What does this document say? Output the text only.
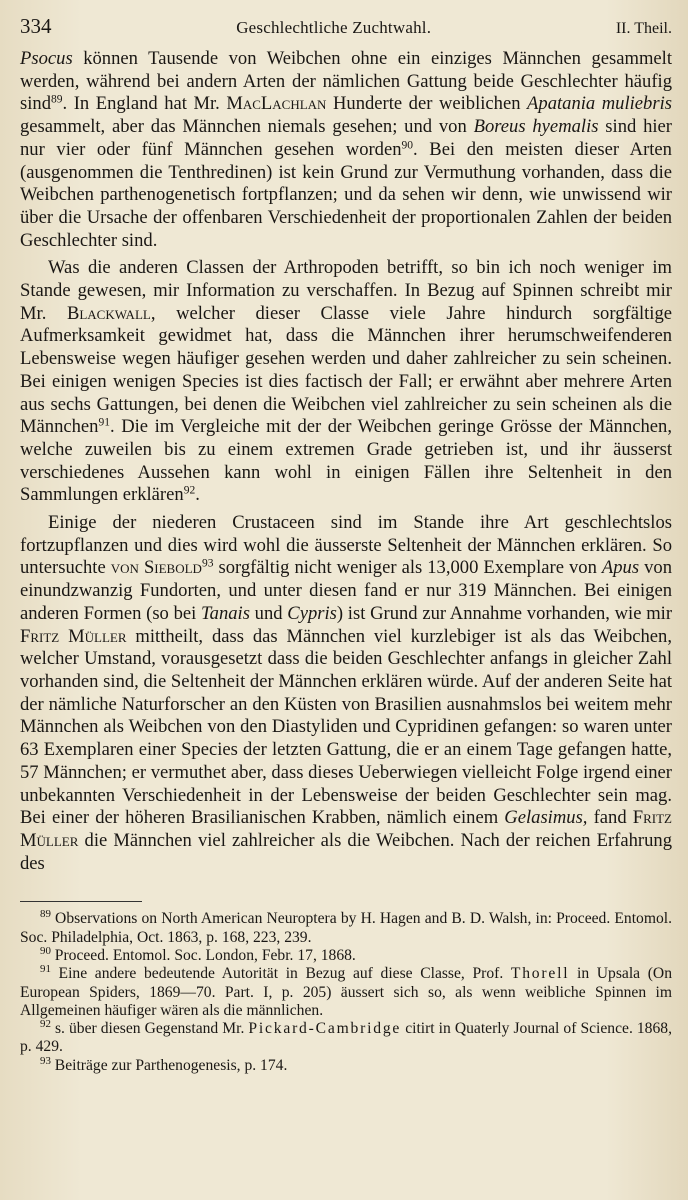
334	Geschlechtliche Zuchtwahl.	II. Theil.

Psocus können Tausende von Weibchen ohne ein einziges Männchen gesammelt werden, während bei andern Arten der nämlichen Gattung beide Geschlechter häufig sind$^{89}$. In England hat Mr. MacLachlan Hunderte der weiblichen Apatania muliebris gesammelt, aber das Männchen niemals gesehen; und von Boreus hyemalis sind hier nur vier oder fünf Männchen gesehen worden$^{90}$. Bei den meisten dieser Arten (ausgenommen die Tenthredinen) ist kein Grund zur Vermuthung vorhanden, dass die Weibchen parthenogenetisch fortpflanzen; und da sehen wir denn, wie unwissend wir über die Ursache der offenbaren Verschiedenheit der proportionalen Zahlen der beiden Geschlechter sind.

Was die anderen Classen der Arthropoden betrifft, so bin ich noch weniger im Stande gewesen, mir Information zu verschaffen. In Bezug auf Spinnen schreibt mir Mr. Blackwall, welcher dieser Classe viele Jahre hindurch sorgfältige Aufmerksamkeit gewidmet hat, dass die Männchen ihrer herumschweifenderen Lebensweise wegen häufiger gesehen werden und daher zahlreicher zu sein scheinen. Bei einigen wenigen Species ist dies factisch der Fall; er erwähnt aber mehrere Arten aus sechs Gattungen, bei denen die Weibchen viel zahlreicher zu sein scheinen als die Männchen$^{91}$. Die im Vergleiche mit der der Weibchen geringe Grösse der Männchen, welche zuweilen bis zu einem extremen Grade getrieben ist, und ihr äusserst verschiedenes Aussehen kann wohl in einigen Fällen ihre Seltenheit in den Sammlungen erklären$^{92}$.

Einige der niederen Crustaceen sind im Stande ihre Art geschlechtslos fortzupflanzen und dies wird wohl die äusserste Seltenheit der Männchen erklären. So untersuchte von Siebold$^{93}$ sorgfältig nicht weniger als 13,000 Exemplare von Apus von einundzwanzig Fundorten, und unter diesen fand er nur 319 Männchen. Bei einigen anderen Formen (so bei Tanais und Cypris) ist Grund zur Annahme vorhanden, wie mir Fritz Müller mittheilt, dass das Männchen viel kurzlebiger ist als das Weibchen, welcher Umstand, vorausgesetzt dass die beiden Geschlechter anfangs in gleicher Zahl vorhanden sind, die Seltenheit der Männchen erklären würde. Auf der anderen Seite hat der nämliche Naturforscher an den Küsten von Brasilien ausnahmslos bei weitem mehr Männchen als Weibchen von den Diastyliden und Cypridinen gefangen: so waren unter 63 Exemplaren einer Species der letzten Gattung, die er an einem Tage gefangen hatte, 57 Männchen; er vermuthet aber, dass dieses Ueberwiegen vielleicht Folge irgend einer unbekannten Verschiedenheit in der Lebensweise der beiden Geschlechter sein mag. Bei einer der höheren Brasilianischen Krabben, nämlich einem Gelasimus, fand Fritz Müller die Männchen viel zahlreicher als die Weibchen. Nach der reichen Erfahrung des

$^{89}$ Observations on North American Neuroptera by H. Hagen and B. D. Walsh, in: Proceed. Entomol. Soc. Philadelphia, Oct. 1863, p. 168, 223, 239.

$^{90}$ Proceed. Entomol. Soc. London, Febr. 17, 1868.

$^{91}$ Eine andere bedeutende Autorität in Bezug auf diese Classe, Prof. Thorell in Upsala (On European Spiders, 1869—70. Part. I, p. 205) äussert sich so, als wenn weibliche Spinnen im Allgemeinen häufiger wären als die männlichen.

$^{92}$ s. über diesen Gegenstand Mr. Pickard-Cambridge citirt in Quaterly Journal of Science. 1868, p. 429.

$^{93}$ Beiträge zur Parthenogenesis, p. 174.
